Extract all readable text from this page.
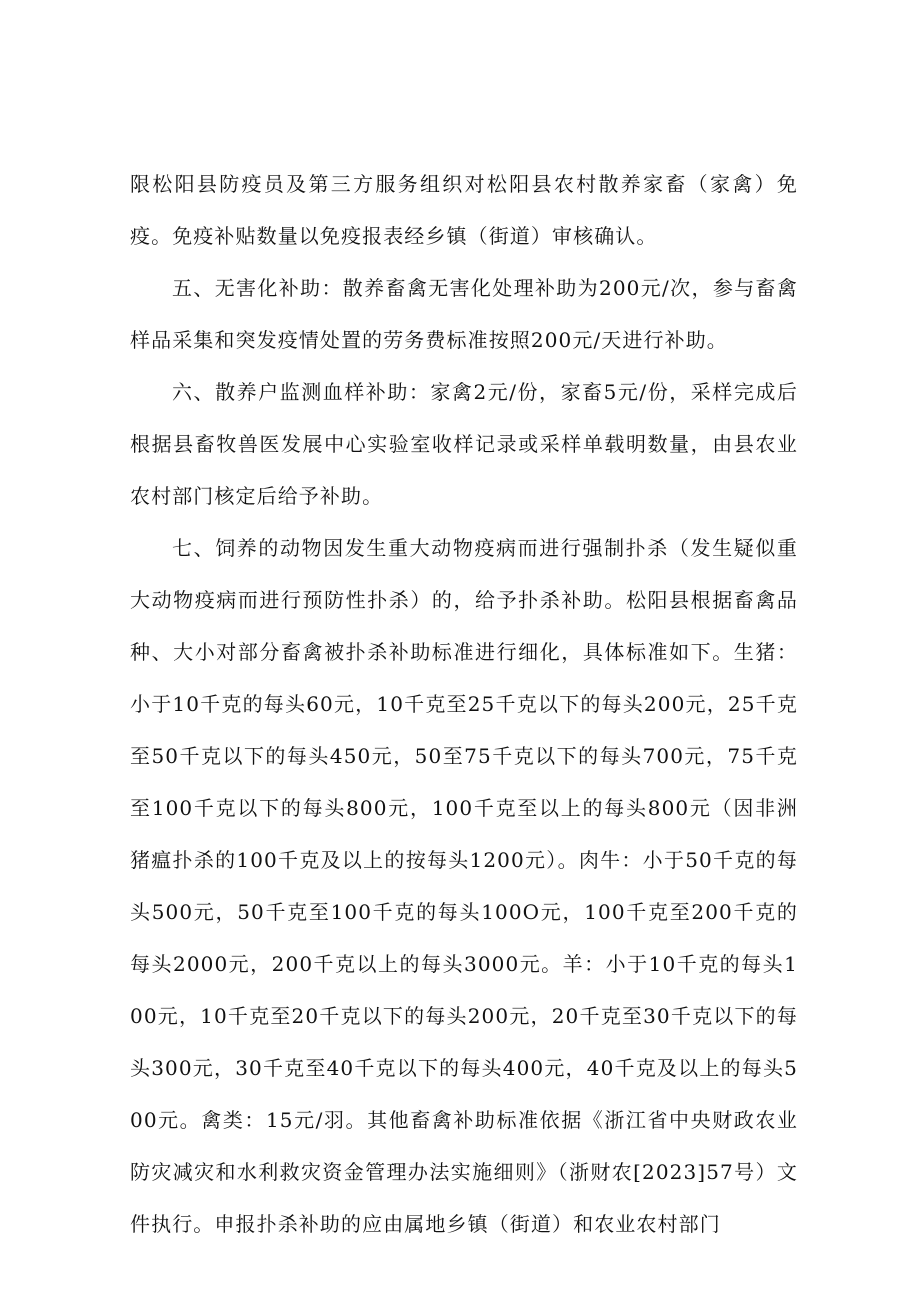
限松阳县防疫员及第三方服务组织对松阳县农村散养家畜（家禽）免疫。免疫补贴数量以免疫报表经乡镇（街道）审核确认。

五、无害化补助：散养畜禽无害化处理补助为200元/次，参与畜禽样品采集和突发疫情处置的劳务费标准按照200元/天进行补助。

六、散养户监测血样补助：家禽2元/份，家畜5元/份，采样完成后根据县畜牧兽医发展中心实验室收样记录或采样单载明数量，由县农业农村部门核定后给予补助。

七、饲养的动物因发生重大动物疫病而进行强制扑杀（发生疑似重大动物疫病而进行预防性扑杀）的，给予扑杀补助。松阳县根据畜禽品种、大小对部分畜禽被扑杀补助标准进行细化，具体标准如下。生猪：小于10千克的每头60元，10千克至25千克以下的每头200元，25千克至50千克以下的每头450元，50至75千克以下的每头700元，75千克至100千克以下的每头800元，100千克至以上的每头800元（因非洲猪瘟扑杀的100千克及以上的按每头1200元）。肉牛：小于50千克的每头500元，50千克至100千克的每头100O元，100千克至200千克的每头2000元，200千克以上的每头3000元。羊：小于10千克的每头100元，10千克至20千克以下的每头200元，20千克至30千克以下的每头300元，30千克至40千克以下的每头400元，40千克及以上的每头500元。禽类：15元/羽。其他畜禽补助标准依据《浙江省中央财政农业防灾减灾和水利救灾资金管理办法实施细则》（浙财农[2023]57号）文件执行。申报扑杀补助的应由属地乡镇（街道）和农业农村部门
